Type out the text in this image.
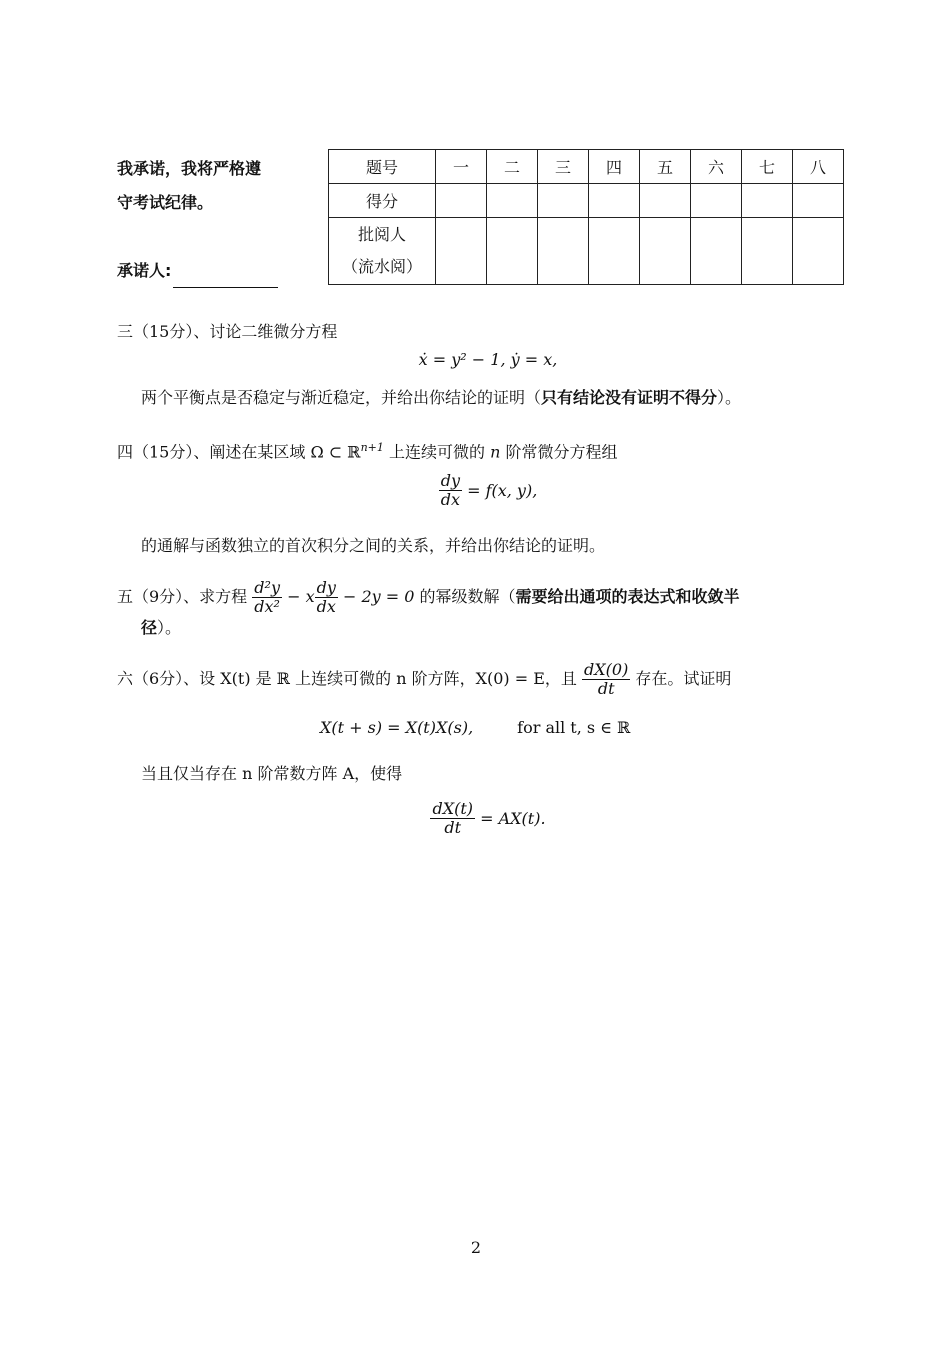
我承诺，我将严格遵
守考试纪律。
承诺人:
题号	一	二	三	四	五	六	七	八
得分								

批阅人
（流水阅）								

三（15分）、讨论二维微分方程
ẋ = y² − 1, ẏ = x,
两个平衡点是否稳定与渐近稳定，并给出你结论的证明（只有结论没有证明不得分）。
四（15分）、阐述在某区域 Ω ⊂ ℝ$^{n+1}$ 上连续可微的 n 阶常微分方程组
$\frac{dy}{dx} = f(x$, y),
的通解与函数独立的首次积分之间的关系，并给出你结论的证明。
五（9分）、求方程 $\frac{\text{d²y}}{\text{dx²}} - x \frac{dy}{dx} - 2y = 0$ 的幂级数解（需要给出通项的表达式和收敛半
径）。
六（6分）、设 X(t) 是 ℝ 上连续可微的 n 阶方阵，X(0) = E，且 $\frac{dX(0)}{dt}$ 存在。试证明
X(t + s) = X(t)X(s),	for all t, s ∈ ℝ
当且仅当存在 n 阶常数方阵 A，使得
$\frac{dX(t)}{dt} = AX(t)$.
2
